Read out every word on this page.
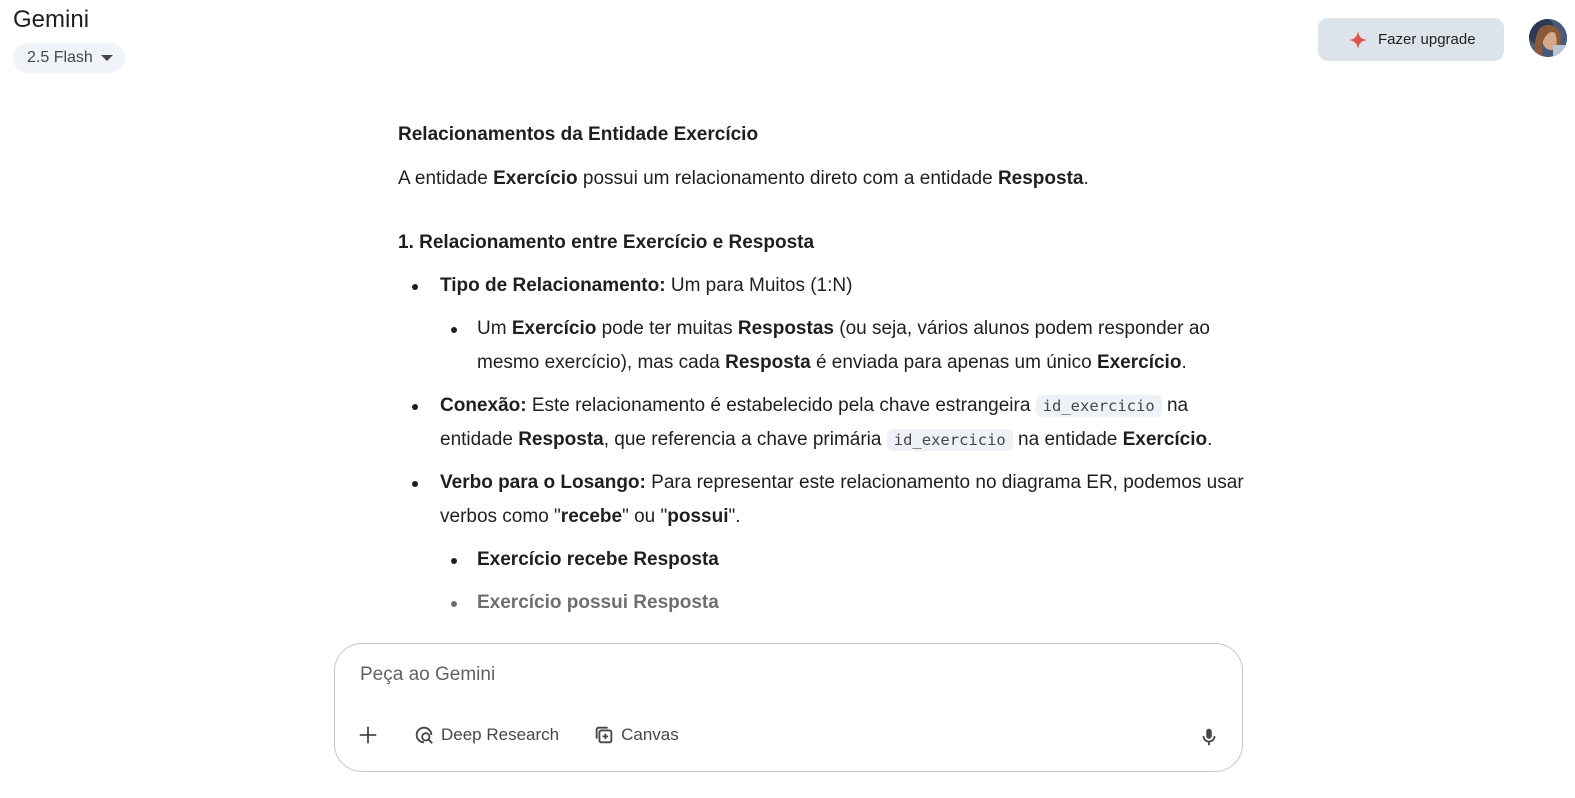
Gemini
2.5 Flash
Fazer upgrade

Relacionamentos da Entidade Exercício

A entidade Exercício possui um relacionamento direto com a entidade Resposta.

1. Relacionamento entre Exercício e Resposta

Tipo de Relacionamento: Um para Muitos (1:N)
Um Exercício pode ter muitas Respostas (ou seja, vários alunos podem responder ao mesmo exercício), mas cada Resposta é enviada para apenas um único Exercício.
Conexão: Este relacionamento é estabelecido pela chave estrangeira id_exercicio na entidade Resposta, que referencia a chave primária id_exercicio na entidade Exercício.
Verbo para o Losango: Para representar este relacionamento no diagrama ER, podemos usar verbos como "recebe" ou "possui".
Exercício recebe Resposta
Exercício possui Resposta
Peça ao Gemini
Deep Research	Canvas
